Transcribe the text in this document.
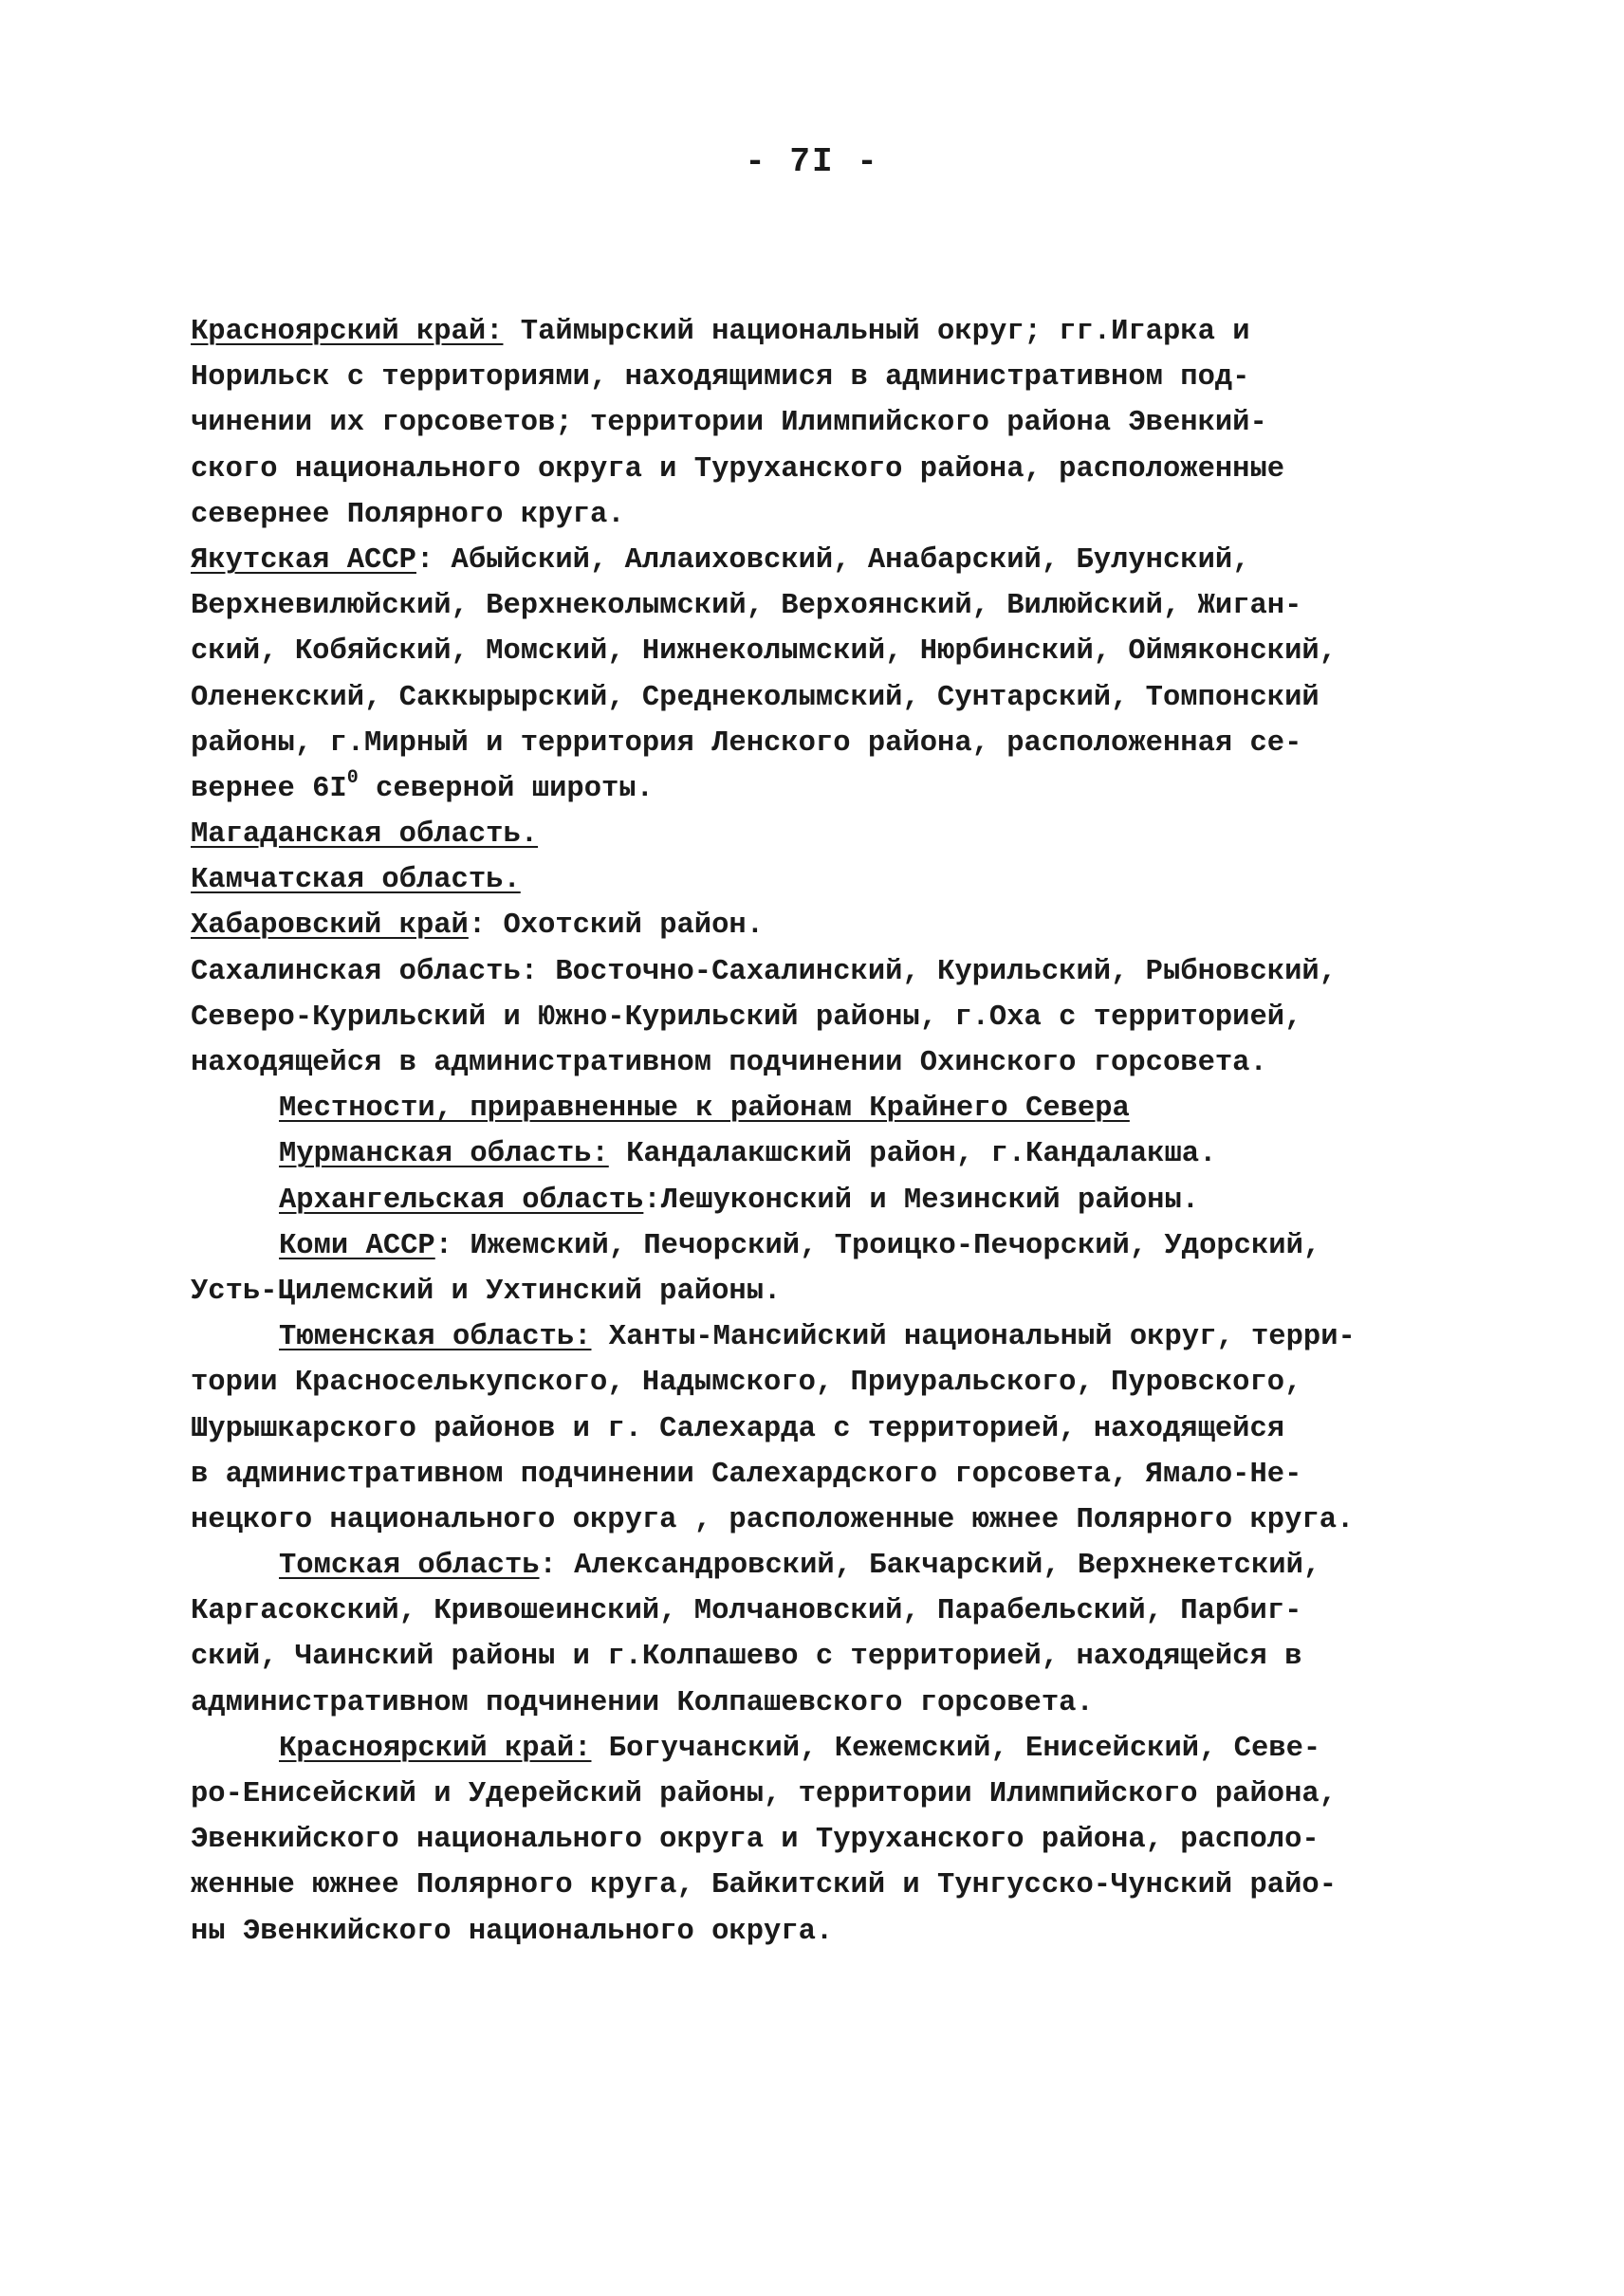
- 7I -
Красноярский край: Таймырский национальный округ; гг.Игарка и
Норильск с территориями, находящимися в административном под-
чинении их горсоветов; территории Илимпийского района Эвенкий-
ского национального округа и Туруханского района, расположенные
севернее Полярного круга.
Якутская АССР: Абыйский, Аллаиховский, Анабарский, Булунский,
Верхневилюйский, Верхнеколымский, Верхоянский, Вилюйский, Жиган-
ский, Кобяйский, Момский, Нижнеколымский, Нюрбинский, Оймяконский,
Оленекский, Саккырырский, Среднеколымский, Сунтарский, Томпонский
районы, г.Мирный и территория Ленского района, расположенная се-
вернее $6I^0$ северной широты.
Магаданская область.
Камчатская область.
Хабаровский край: Охотский район.
Сахалинская область: Восточно-Сахалинский, Курильский, Рыбновский,
Северо-Курильский и Южно-Курильский районы, г.Оха с территорией,
находящейся в административном подчинении Охинского горсовета.
Местности, приравненные к районам Крайнего Севера
Мурманская область: Кандалакшский район, г.Кандалакша.
Архангельская область:Лешуконский и Мезинский районы.
Коми АССР: Ижемский, Печорский, Троицко-Печорский, Удорский,
Усть-Цилемский и Ухтинский районы.
Тюменская область: Ханты-Мансийский национальный округ, терри-
тории Красноселькупского, Надымского, Приуральского, Пуровского,
Шурышкарского районов и г. Салехарда с территорией, находящейся
в административном подчинении Салехардского горсовета, Ямало-Не-
нецкого национального округа , расположенные южнее Полярного круга.
Томская область: Александровский, Бакчарский, Верхнекетский,
Каргасокский, Кривошеинский, Молчановский, Парабельский, Парбиг-
ский, Чаинский районы и г.Колпашево с территорией, находящейся в
административном подчинении Колпашевского горсовета.
Красноярский край: Богучанский, Кежемский, Енисейский, Севе-
ро-Енисейский и Удерейский районы, территории Илимпийского района,
Эвенкийского национального округа и Туруханского района, располо-
женные южнее Полярного круга, Байкитский и Тунгусско-Чунский райо-
ны Эвенкийского национального округа.
